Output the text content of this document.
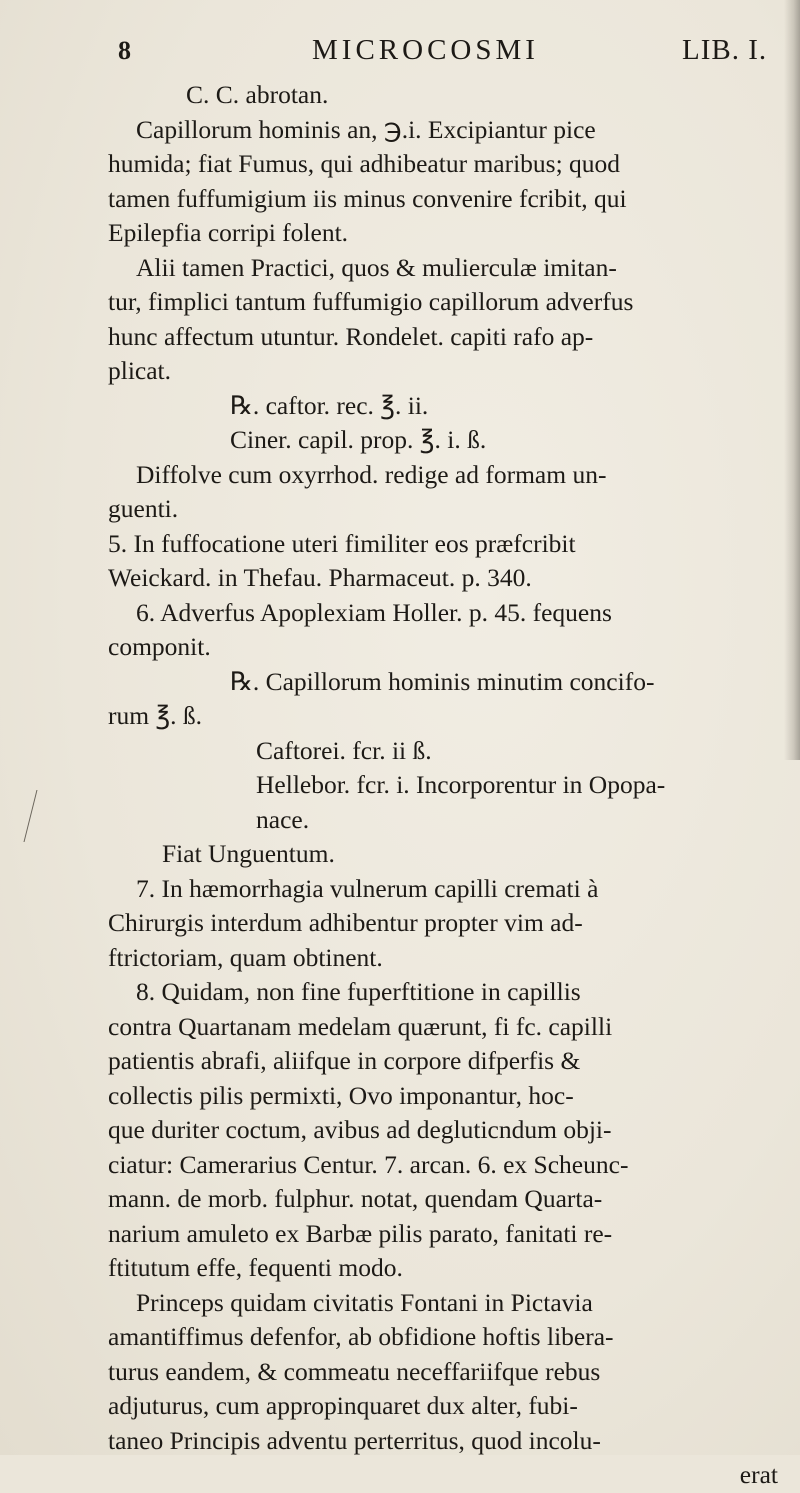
8	MICROCOSMI	LIB. I.
C. C. abrotan.
Capillorum hominis an, ℈.i. Excipiantur pice
humida; fiat Fumus, qui adhibeatur maribus; quod
tamen fuffumigium iis minus convenire fcribit, qui
Epilepfia corripi folent.
Alii tamen Practici, quos & mulierculæ imitan-
tur, fimplici tantum fuffumigio capillorum adverfus
hunc affectum utuntur. Rondelet. capiti rafo ap-
plicat.
℞. caftor. rec. ℥. ii.
Ciner. capil. prop. ℥. i. ß.
Diffolve cum oxyrrhod. redige ad formam un-
guenti.
5. In fuffocatione uteri fimiliter eos præfcribit
Weickard. in Thefau. Pharmaceut. p. 340.
6. Adverfus Apoplexiam Holler. p. 45. fequens
componit.
℞. Capillorum hominis minutim concifo-
rum ℥. ß.
Caftorei. fcr. ii ß.
Hellebor. fcr. i. Incorporentur in Opopa-
nace.
Fiat Unguentum.
7. In hæmorrhagia vulnerum capilli cremati à
Chirurgis interdum adhibentur propter vim ad-
ftrictoriam, quam obtinent.
8. Quidam, non fine fuperftitione in capillis
contra Quartanam medelam quærunt, fi fc. capilli
patientis abrafi, aliifque in corpore difperfis &
collectis pilis permixti, Ovo imponantur, hoc-
que duriter coctum, avibus ad degluticndum obji-
ciatur: Camerarius Centur. 7. arcan. 6. ex Scheunc-
mann. de morb. fulphur. notat, quendam Quarta-
narium amuleto ex Barbæ pilis parato, fanitati re-
ftitutum effe, fequenti modo.
Princeps quidam civitatis Fontani in Pictavia
amantiffimus defenfor, ab obfidione hoftis libera-
turus eandem, & commeatu neceffariifque rebus
adjuturus, cum appropinquaret dux alter, fubi-
taneo Principis adventu perterritus, quod incolu-
erat
